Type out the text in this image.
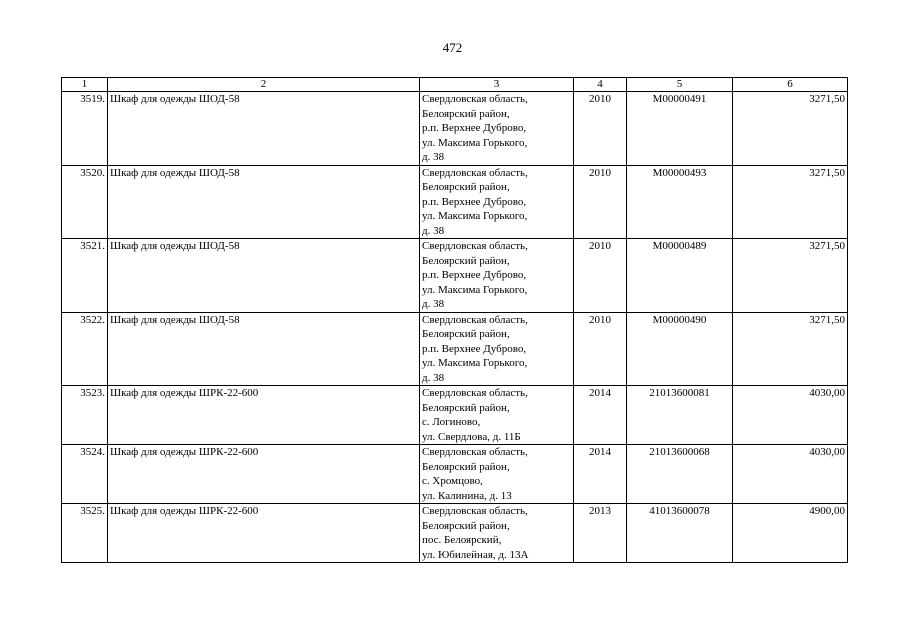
472
1	2	3	4	5	6
3519.	Шкаф для одежды ШОД-58	Свердловская область,
Белоярский район,
р.п. Верхнее Дуброво,
ул. Максима Горького,
д. 38	2010	М00000491	3271,50
3520.	Шкаф для одежды ШОД-58	Свердловская область,
Белоярский район,
р.п. Верхнее Дуброво,
ул. Максима Горького,
д. 38	2010	М00000493	3271,50
3521.	Шкаф для одежды ШОД-58	Свердловская область,
Белоярский район,
р.п. Верхнее Дуброво,
ул. Максима Горького,
д. 38	2010	М00000489	3271,50
3522.	Шкаф для одежды ШОД-58	Свердловская область,
Белоярский район,
р.п. Верхнее Дуброво,
ул. Максима Горького,
д. 38	2010	М00000490	3271,50
3523.	Шкаф для одежды ШРК-22-600	Свердловская область,
Белоярский район,
с. Логиново,
ул. Свердлова, д. 11Б	2014	21013600081	4030,00
3524.	Шкаф для одежды ШРК-22-600	Свердловская область,
Белоярский район,
с. Хромцово,
ул. Калинина, д. 13	2014	21013600068	4030,00
3525.	Шкаф для одежды ШРК-22-600	Свердловская область,
Белоярский район,
пос. Белоярский,
ул. Юбилейная, д. 13А	2013	41013600078	4900,00
